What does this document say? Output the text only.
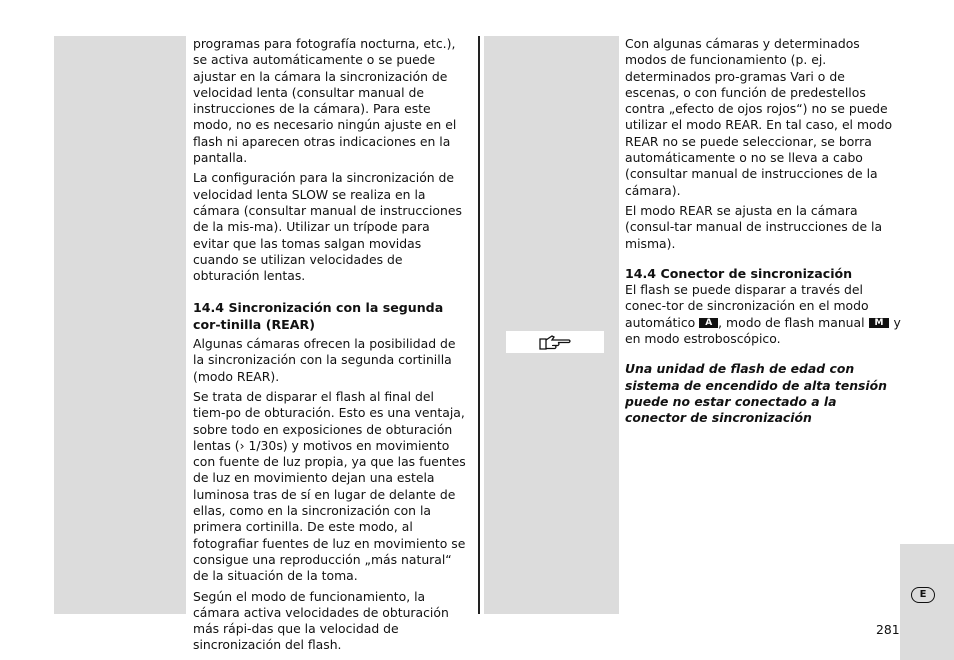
programas para fotografía nocturna, etc.), se activa automáticamente o se puede ajustar en la cámara la sincronización de velocidad lenta (consultar manual de instrucciones de la cámara). Para este modo, no es necesario ningún ajuste en el flash ni aparecen otras indicaciones en la pantalla.

La configuración para la sincronización de velocidad lenta SLOW se realiza en la cámara (consultar manual de instrucciones de la mis-ma). Utilizar un trípode para evitar que las tomas salgan movidas cuando se utilizan velocidades de obturación lentas.

14.4 Sincronización con la segunda cor-tinilla (REAR)

Algunas cámaras ofrecen la posibilidad de la sincronización con la segunda cortinilla (modo REAR).

Se trata de disparar el flash al final del tiem-po de obturación. Esto es una ventaja, sobre todo en exposiciones de obturación lentas (› 1/30s) y motivos en movimiento con fuente de luz propia, ya que las fuentes de luz en movimiento dejan una estela luminosa tras de sí en lugar de delante de ellas, como en la sincronización con la primera cortinilla. De este modo, al fotografiar fuentes de luz en movimiento se consigue una reproducción „más natural“ de la situación de la toma.

Según el modo de funcionamiento, la cámara activa velocidades de obturación más rápi-das que la velocidad de sincronización del flash.

Con algunas cámaras y determinados modos de funcionamiento (p. ej. determinados pro-gramas Vari o de escenas, o con función de predestellos contra „efecto de ojos rojos“) no se puede utilizar el modo REAR. En tal caso, el modo REAR no se puede seleccionar, se borra automáticamente o no se lleva a cabo (consultar manual de instrucciones de la cámara).

El modo REAR se ajusta en la cámara (consul-tar manual de instrucciones de la misma).

14.4 Conector de sincronización

El flash se puede disparar a través del conec-tor de sincronización en el modo automático A , modo de flash manual M y en modo estroboscópico.

Una unidad de flash de edad con sistema de encendido de alta tensión puede no estar conectado a la conector de sincronización

E
281
